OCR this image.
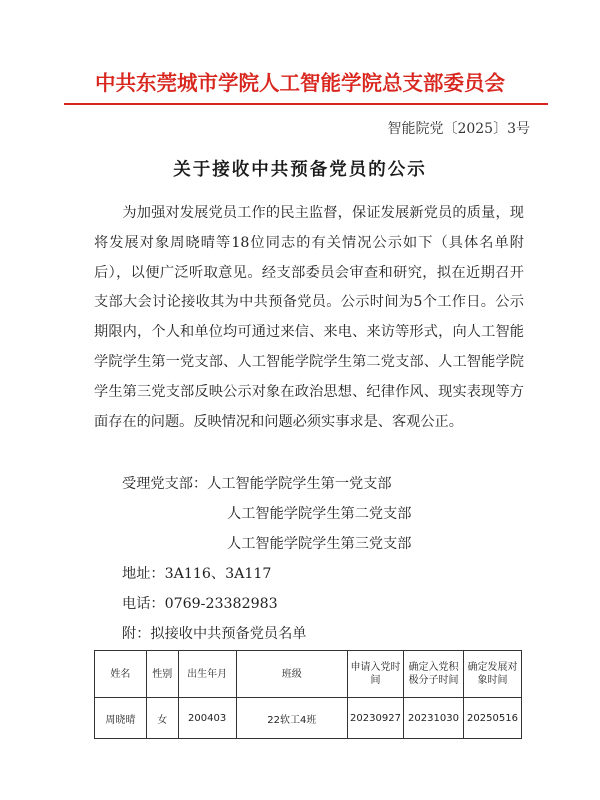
中共东莞城市学院人工智能学院总支部委员会
智能院党〔2025〕3号
关于接收中共预备党员的公示

为加强对发展党员工作的民主监督，保证发展新党员的质量，现将发展对象周晓晴等18位同志的有关情况公示如下（具体名单附后），以便广泛听取意见。经支部委员会审查和研究，拟在近期召开支部大会讨论接收其为中共预备党员。公示时间为5个工作日。公示期限内，个人和单位均可通过来信、来电、来访等形式，向人工智能学院学生第一党支部、人工智能学院学生第二党支部、人工智能学院学生第三党支部反映公示对象在政治思想、纪律作风、现实表现等方面存在的问题。反映情况和问题必须实事求是、客观公正。

受理党支部：人工智能学院学生第一党支部
人工智能学院学生第二党支部
人工智能学院学生第三党支部
地址：3A116、3A117
电话：0769-23382983
附：拟接收中共预备党员名单
姓名	性别	出生年月	班级	申请入党时间	确定入党积极分子时间	确定发展对象时间
周晓晴	女	200403	22软工4班	20230927	20231030	20250516
